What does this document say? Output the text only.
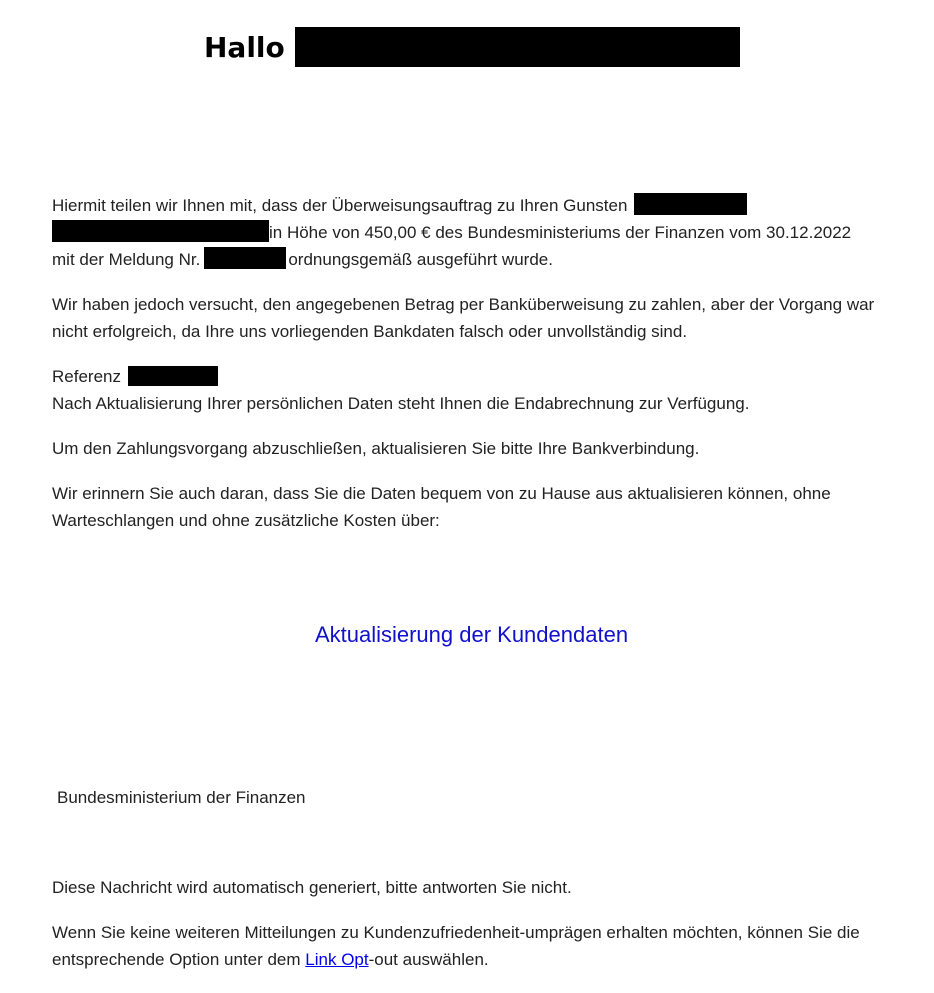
Hallo

Hiermit teilen wir Ihnen mit, dass der Überweisungsauftrag zu Ihren Gunsten
in Höhe von 450,00 € des Bundesministeriums der Finanzen vom 30.12.2022
mit der Meldung Nr.	ordnungsgemäß ausgeführt wurde.

Wir haben jedoch versucht, den angegebenen Betrag per Banküberweisung zu zahlen, aber der Vorgang war nicht erfolgreich, da Ihre uns vorliegenden Bankdaten falsch oder unvollständig sind.

Referenz
Nach Aktualisierung Ihrer persönlichen Daten steht Ihnen die Endabrechnung zur Verfügung.

Um den Zahlungsvorgang abzuschließen, aktualisieren Sie bitte Ihre Bankverbindung.

Wir erinnern Sie auch daran, dass Sie die Daten bequem von zu Hause aus aktualisieren können, ohne Warteschlangen und ohne zusätzliche Kosten über:

Aktualisierung der Kundendaten
Bundesministerium der Finanzen

Diese Nachricht wird automatisch generiert, bitte antworten Sie nicht.

Wenn Sie keine weiteren Mitteilungen zu Kundenzufriedenheit-umprägen erhalten möchten, können Sie die entsprechende Option unter dem Link Opt-out auswählen.
